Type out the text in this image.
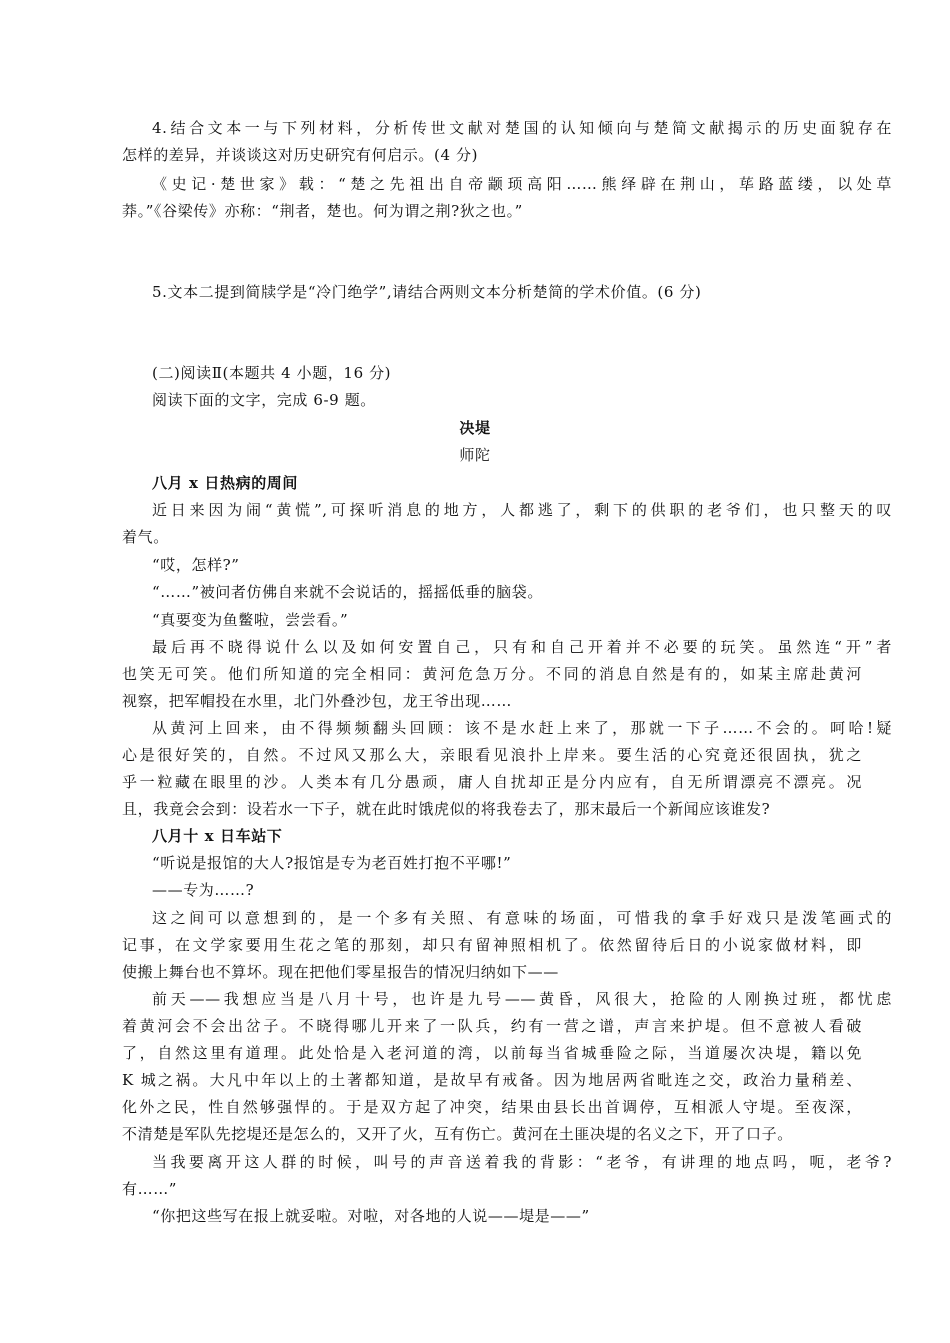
4.结合文本一与下列材料，分析传世文献对楚国的认知倾向与楚简文献揭示的历史面貌存在
怎样的差异，并谈谈这对历史研究有何启示。(4 分)
《史记·楚世家》载：“楚之先祖出自帝颛顼高阳……熊绎辟在荆山，荜路蓝缕，以处草
莽。”《谷梁传》亦称：“荆者，楚也。何为谓之荆?狄之也。”
5.文本二提到简牍学是“冷门绝学”,请结合两则文本分析楚简的学术价值。(6 分)
(二)阅读Ⅱ(本题共 4 小题，16 分)
阅读下面的文字，完成 6-9 题。
决堤
师陀
八月 x 日热病的周间
近日来因为闹“黄慌”,可探听消息的地方，人都逃了，剩下的供职的老爷们，也只整天的叹
着气。
“哎，怎样?”
“……”被问者仿佛自来就不会说话的，摇摇低垂的脑袋。
“真要变为鱼鳖啦，尝尝看。”
最后再不晓得说什么以及如何安置自己，只有和自己开着并不必要的玩笑。虽然连“开”者
也笑无可笑。他们所知道的完全相同：黄河危急万分。不同的消息自然是有的，如某主席赴黄河
视察，把军帽投在水里，北门外叠沙包，龙王爷出现……
从黄河上回来，由不得频频翻头回顾：该不是水赶上来了，那就一下子……不会的。呵哈!疑
心是很好笑的，自然。不过风又那么大，亲眼看见浪扑上岸来。要生活的心究竟还很固执，犹之
乎一粒藏在眼里的沙。人类本有几分愚顽，庸人自扰却正是分内应有，自无所谓漂亮不漂亮。况
且，我竟会会到：设若水一下子，就在此时饿虎似的将我卷去了，那末最后一个新闻应该谁发?
八月十 x 日车站下
“听说是报馆的大人?报馆是专为老百姓打抱不平哪!”
——专为……?
这之间可以意想到的，是一个多有关照、有意味的场面，可惜我的拿手好戏只是泼笔画式的
记事，在文学家要用生花之笔的那刻，却只有留神照相机了。依然留待后日的小说家做材料，即
使搬上舞台也不算坏。现在把他们零星报告的情况归纳如下——
前天——我想应当是八月十号，也许是九号——黄昏，风很大，抢险的人刚换过班，都忧虑
着黄河会不会出岔子。不晓得哪儿开来了一队兵，约有一营之谱，声言来护堤。但不意被人看破
了，自然这里有道理。此处恰是入老河道的湾，以前每当省城垂险之际，当道屡次决堤，籍以免
K 城之祸。大凡中年以上的土著都知道，是故早有戒备。因为地居两省毗连之交，政治力量稍差、
化外之民，性自然够强悍的。于是双方起了冲突，结果由县长出首调停，互相派人守堤。至夜深，
不清楚是军队先挖堤还是怎么的，又开了火，互有伤亡。黄河在土匪决堤的名义之下，开了口子。
当我要离开这人群的时候，叫号的声音送着我的背影：“老爷，有讲理的地点吗，呃，老爷?
有……”
“你把这些写在报上就妥啦。对啦，对各地的人说——堤是——”
